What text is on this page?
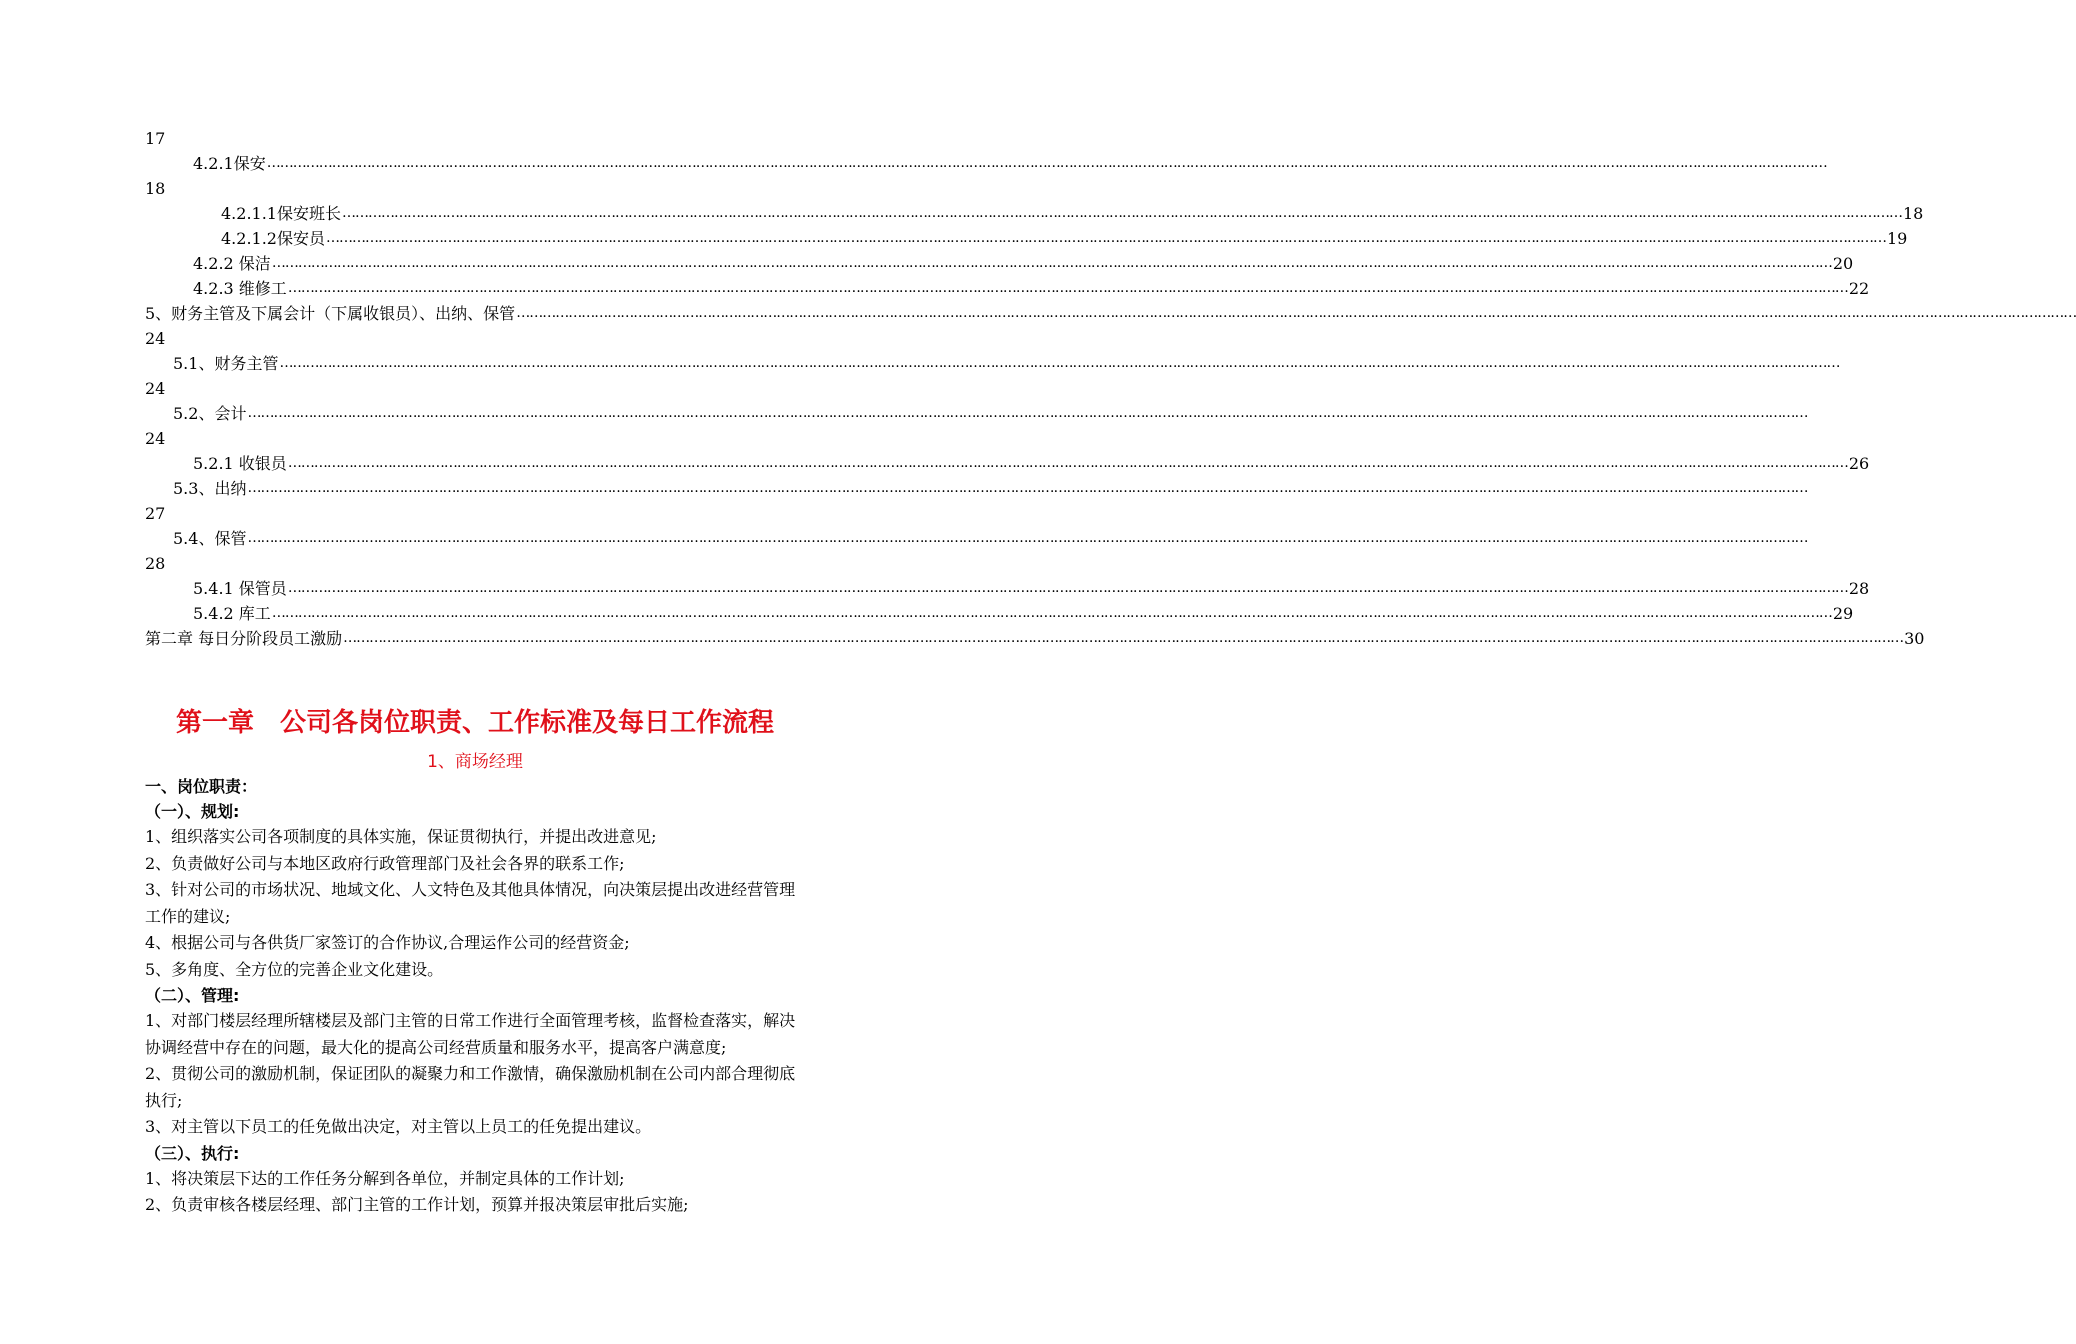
17
4.2.1保安 ………………………………………………………………………………………………………………………………………………………………………………………………………………………………………………………………………………………………………………………………
18
4.2.1.1保安班长 ……………………………………………………………………………………………………………………………………………………………………………………………………………………………………………………………………………………………………………………………… 18
4.2.1.2保安员 ……………………………………………………………………………………………………………………………………………………………………………………………………………………………………………………………………………………………………………………………… 19
4.2.2 保洁 ……………………………………………………………………………………………………………………………………………………………………………………………………………………………………………………………………………………………………………………………… 20
4.2.3 维修工 ……………………………………………………………………………………………………………………………………………………………………………………………………………………………………………………………………………………………………………………………… 22
5、财务主管及下属会计（下属收银员）、出纳、保管 ………………………………………………………………………………………………………………………………………………………………………………………………………………………………………………………………………………………………………………………………
24
5.1、财务主管 ………………………………………………………………………………………………………………………………………………………………………………………………………………………………………………………………………………………………………………………………
24
5.2、会计 ………………………………………………………………………………………………………………………………………………………………………………………………………………………………………………………………………………………………………………………………
24
5.2.1 收银员 ……………………………………………………………………………………………………………………………………………………………………………………………………………………………………………………………………………………………………………………………… 26
5.3、出纳 ………………………………………………………………………………………………………………………………………………………………………………………………………………………………………………………………………………………………………………………………
27
5.4、保管 ………………………………………………………………………………………………………………………………………………………………………………………………………………………………………………………………………………………………………………………………
28
5.4.1 保管员 ……………………………………………………………………………………………………………………………………………………………………………………………………………………………………………………………………………………………………………………………… 28
5.4.2 库工 ……………………………………………………………………………………………………………………………………………………………………………………………………………………………………………………………………………………………………………………………… 29
第二章 每日分阶段员工激励 ……………………………………………………………………………………………………………………………………………………………………………………………………………………………………………………………………………………………………………………………… 30
第一章　公司各岗位职责、工作标准及每日工作流程
1、商场经理
一、岗位职责：
（一）、规划:
1、组织落实公司各项制度的具体实施，保证贯彻执行，并提出改进意见;
2、负责做好公司与本地区政府行政管理部门及社会各界的联系工作;
3、针对公司的市场状况、地域文化、人文特色及其他具体情况，向决策层提出改进经营管理工作的建议;
4、根据公司与各供货厂家签订的合作协议,合理运作公司的经营资金;
5、多角度、全方位的完善企业文化建设。
（二）、管理:
1、对部门楼层经理所辖楼层及部门主管的日常工作进行全面管理考核，监督检查落实，解决协调经营中存在的问题，最大化的提高公司经营质量和服务水平，提高客户满意度;
2、贯彻公司的激励机制，保证团队的凝聚力和工作激情，确保激励机制在公司内部合理彻底执行;
3、对主管以下员工的任免做出决定，对主管以上员工的任免提出建议。
（三）、执行:
1、将决策层下达的工作任务分解到各单位，并制定具体的工作计划;
2、负责审核各楼层经理、部门主管的工作计划，预算并报决策层审批后实施;
